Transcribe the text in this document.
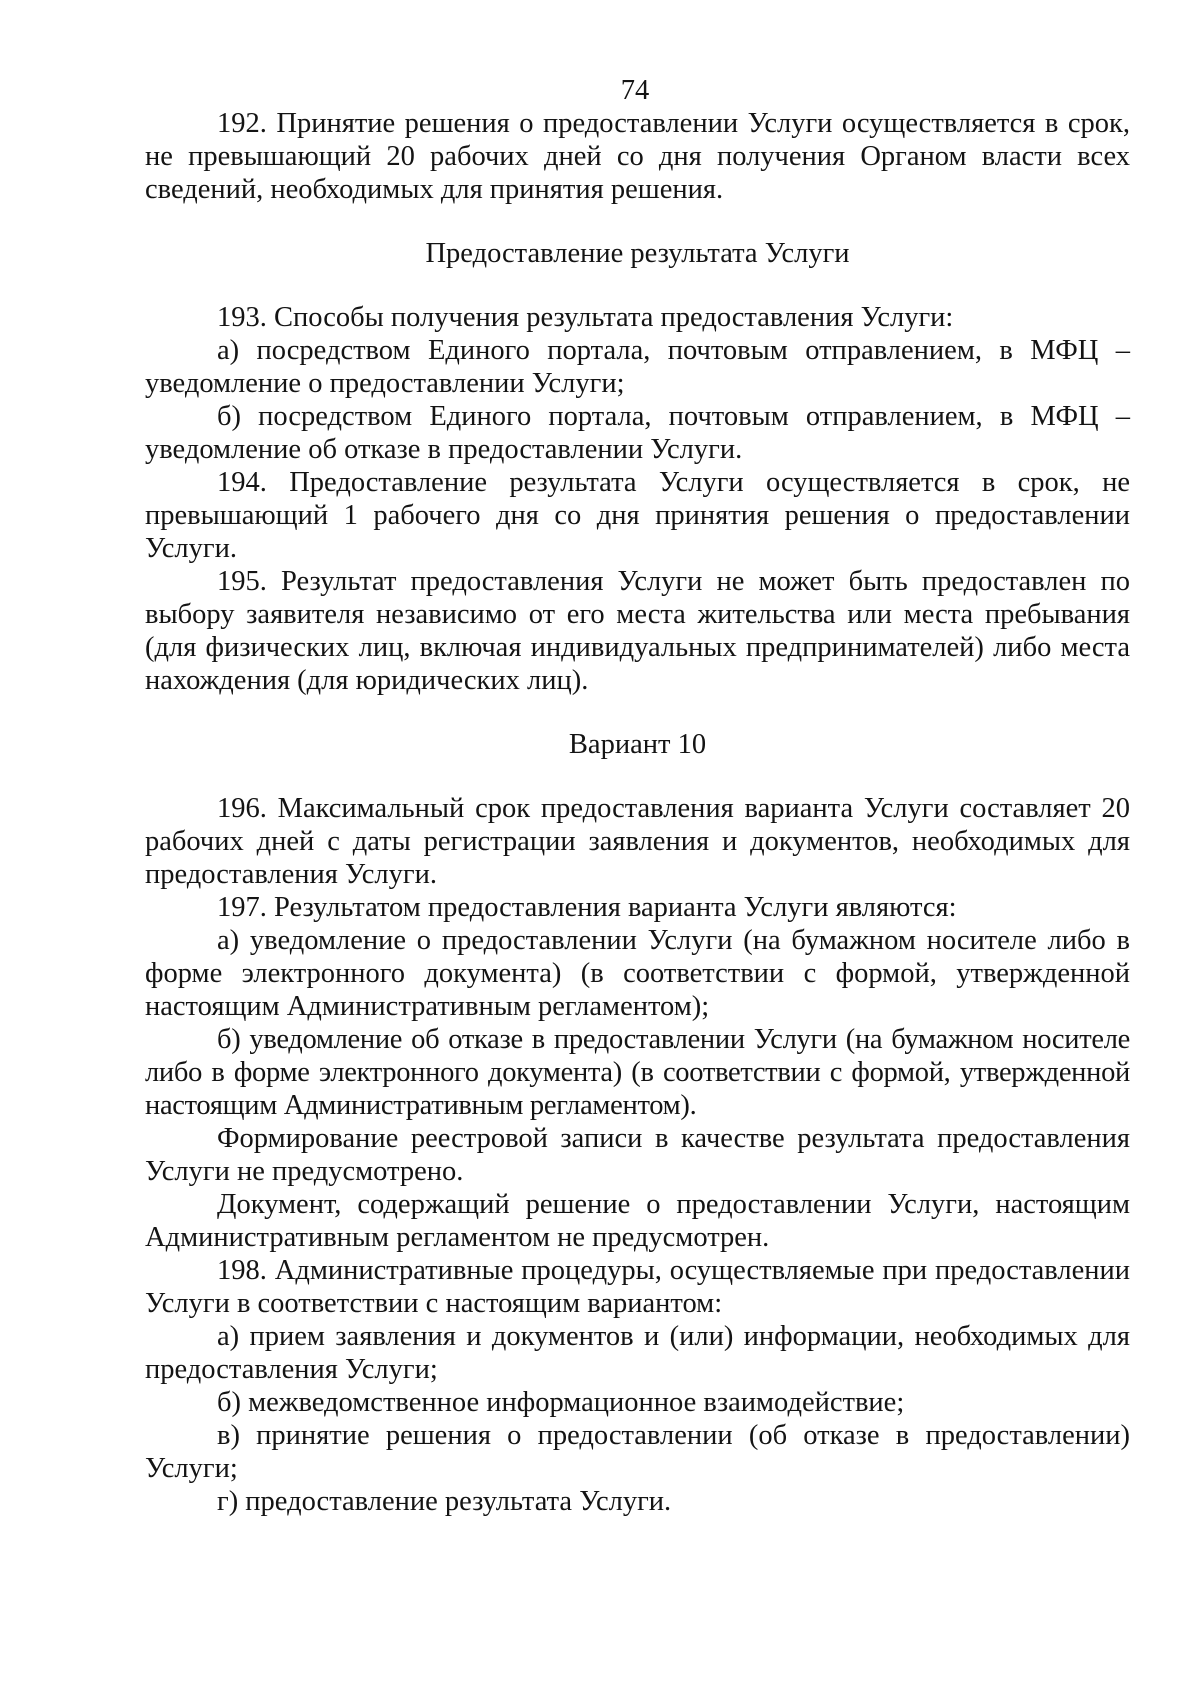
74

192. Принятие решения о предоставлении Услуги осуществляется в срок, не превышающий 20 рабочих дней со дня получения Органом власти всех сведений, необходимых для принятия решения.

Предоставление результата Услуги

193. Способы получения результата предоставления Услуги:

а) посредством Единого портала, почтовым отправлением, в МФЦ – уведомление о предоставлении Услуги;

б) посредством Единого портала, почтовым отправлением, в МФЦ – уведомление об отказе в предоставлении Услуги.

194. Предоставление результата Услуги осуществляется в срок, не превышающий 1 рабочего дня со дня принятия решения о предоставлении Услуги.

195. Результат предоставления Услуги не может быть предоставлен по выбору заявителя независимо от его места жительства или места пребывания (для физических лиц, включая индивидуальных предпринимателей) либо места нахождения (для юридических лиц).

Вариант 10

196. Максимальный срок предоставления варианта Услуги составляет 20 рабочих дней с даты регистрации заявления и документов, необходимых для предоставления Услуги.

197. Результатом предоставления варианта Услуги являются:

а) уведомление о предоставлении Услуги (на бумажном носителе либо в форме электронного документа) (в соответствии с формой, утвержденной настоящим Административным регламентом);

б) уведомление об отказе в предоставлении Услуги (на бумажном носителе либо в форме электронного документа) (в соответствии с формой, утвержденной настоящим Административным регламентом).

Формирование реестровой записи в качестве результата предоставления Услуги не предусмотрено.

Документ, содержащий решение о предоставлении Услуги, настоящим Административным регламентом не предусмотрен.

198. Административные процедуры, осуществляемые при предоставлении Услуги в соответствии с настоящим вариантом:

а) прием заявления и документов и (или) информации, необходимых для предоставления Услуги;

б) межведомственное информационное взаимодействие;

в) принятие решения о предоставлении (об отказе в предоставлении) Услуги;

г) предоставление результата Услуги.
